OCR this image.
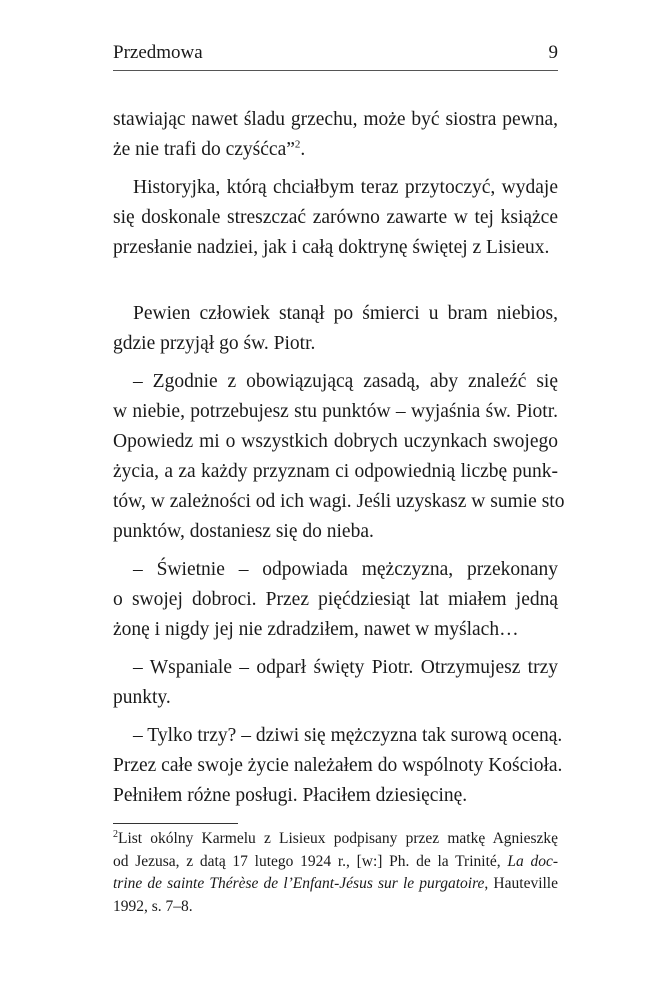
Przedmowa	9

stawiając nawet śladu grzechu, może być siostra pewna,
że nie trafi do czyśćca”$^2$.

Historyjka, którą chciałbym teraz przytoczyć, wydaje
się doskonale streszczać zarówno zawarte w tej książce
przesłanie nadziei, jak i całą doktrynę świętej z Lisieux.

Pewien człowiek stanął po śmierci u bram niebios,
gdzie przyjął go św. Piotr.

– Zgodnie z obowiązującą zasadą, aby znaleźć się
w niebie, potrzebujesz stu punktów – wyjaśnia św. Piotr.
Opowiedz mi o wszystkich dobrych uczynkach swojego
życia, a za każdy przyznam ci odpowiednią liczbę punk-
tów, w zależności od ich wagi. Jeśli uzyskasz w sumie sto
punktów, dostaniesz się do nieba.

– Świetnie – odpowiada mężczyzna, przekonany
o swojej dobroci. Przez pięćdziesiąt lat miałem jedną
żonę i nigdy jej nie zdradziłem, nawet w myślach…

– Wspaniale – odparł święty Piotr. Otrzymujesz trzy
punkty.

– Tylko trzy? – dziwi się mężczyzna tak surową oceną.
Przez całe swoje życie należałem do wspólnoty Kościoła.
Pełniłem różne posługi. Płaciłem dziesięcinę.

$^2$List okólny Karmelu z Lisieux podpisany przez matkę Agnieszkę
od Jezusa, z datą 17 lutego 1924 r., [w:] Ph. de la Trinité, La doc-
trine de sainte Thérèse de l’Enfant-Jésus sur le purgatoire, Hauteville
1992, s. 7–8.
